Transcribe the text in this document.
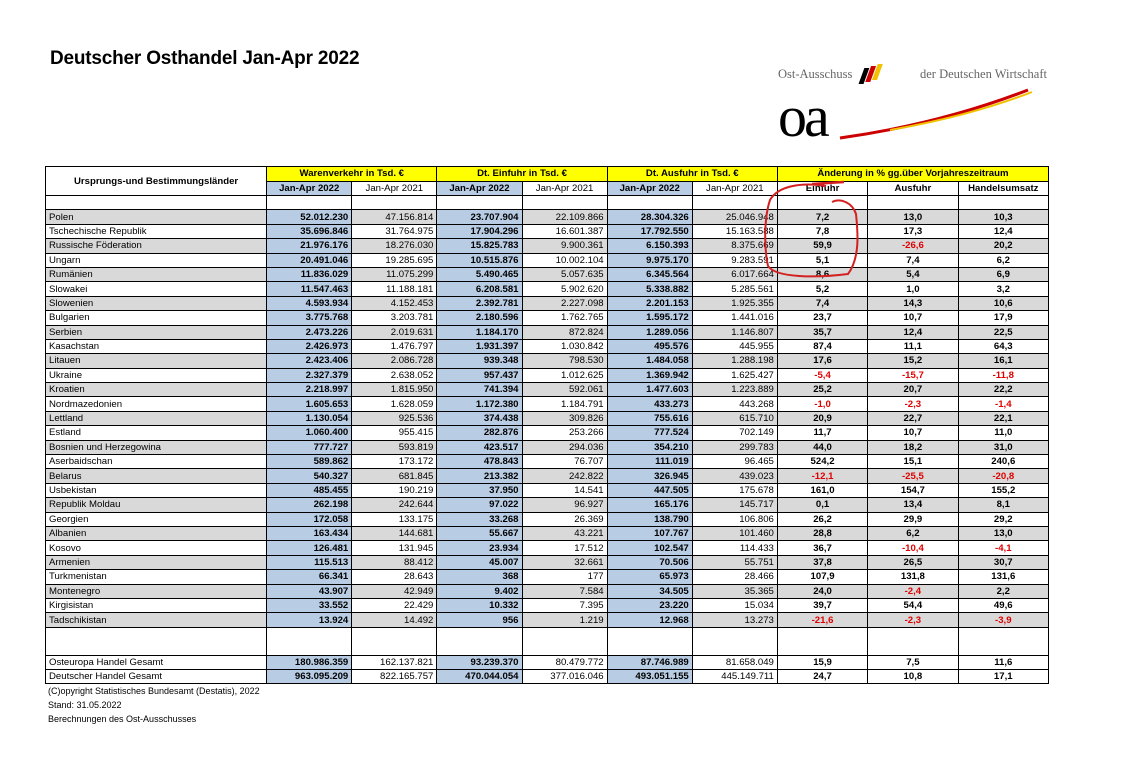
Deutscher Osthandel Jan-Apr 2022
oa
Ost-Ausschuss	der Deutschen Wirtschaft
Ursprungs-und Bestimmungsländer	Warenverkehr in Tsd. €		Dt. Einfuhr in Tsd. €		Dt. Ausfuhr in Tsd. €		Änderung in % gg.über Vorjahreszeitraum		
	Jan-Apr 2022	Jan-Apr 2021	Jan-Apr 2022	Jan-Apr 2021	Jan-Apr 2022	Jan-Apr 2021	Einfuhr	Ausfuhr	Handelsumsatz

Polen	52.012.230	47.156.814	23.707.904	22.109.866	28.304.326	25.046.948	7,2	13,0	10,3
Tschechische Republik	35.696.846	31.764.975	17.904.296	16.601.387	17.792.550	15.163.588	7,8	17,3	12,4
Russische Föderation	21.976.176	18.276.030	15.825.783	9.900.361	6.150.393	8.375.669	59,9	-26,6	20,2
Ungarn	20.491.046	19.285.695	10.515.876	10.002.104	9.975.170	9.283.591	5,1	7,4	6,2
Rumänien	11.836.029	11.075.299	5.490.465	5.057.635	6.345.564	6.017.664	8,6	5,4	6,9
Slowakei	11.547.463	11.188.181	6.208.581	5.902.620	5.338.882	5.285.561	5,2	1,0	3,2
Slowenien	4.593.934	4.152.453	2.392.781	2.227.098	2.201.153	1.925.355	7,4	14,3	10,6
Bulgarien	3.775.768	3.203.781	2.180.596	1.762.765	1.595.172	1.441.016	23,7	10,7	17,9
Serbien	2.473.226	2.019.631	1.184.170	872.824	1.289.056	1.146.807	35,7	12,4	22,5
Kasachstan	2.426.973	1.476.797	1.931.397	1.030.842	495.576	445.955	87,4	11,1	64,3
Litauen	2.423.406	2.086.728	939.348	798.530	1.484.058	1.288.198	17,6	15,2	16,1
Ukraine	2.327.379	2.638.052	957.437	1.012.625	1.369.942	1.625.427	-5,4	-15,7	-11,8
Kroatien	2.218.997	1.815.950	741.394	592.061	1.477.603	1.223.889	25,2	20,7	22,2
Nordmazedonien	1.605.653	1.628.059	1.172.380	1.184.791	433.273	443.268	-1,0	-2,3	-1,4
Lettland	1.130.054	925.536	374.438	309.826	755.616	615.710	20,9	22,7	22,1
Estland	1.060.400	955.415	282.876	253.266	777.524	702.149	11,7	10,7	11,0
Bosnien und Herzegowina	777.727	593.819	423.517	294.036	354.210	299.783	44,0	18,2	31,0
Aserbaidschan	589.862	173.172	478.843	76.707	111.019	96.465	524,2	15,1	240,6
Belarus	540.327	681.845	213.382	242.822	326.945	439.023	-12,1	-25,5	-20,8
Usbekistan	485.455	190.219	37.950	14.541	447.505	175.678	161,0	154,7	155,2
Republik Moldau	262.198	242.644	97.022	96.927	165.176	145.717	0,1	13,4	8,1
Georgien	172.058	133.175	33.268	26.369	138.790	106.806	26,2	29,9	29,2
Albanien	163.434	144.681	55.667	43.221	107.767	101.460	28,8	6,2	13,0
Kosovo	126.481	131.945	23.934	17.512	102.547	114.433	36,7	-10,4	-4,1
Armenien	115.513	88.412	45.007	32.661	70.506	55.751	37,8	26,5	30,7
Turkmenistan	66.341	28.643	368	177	65.973	28.466	107,9	131,8	131,6
Montenegro	43.907	42.949	9.402	7.584	34.505	35.365	24,0	-2,4	2,2
Kirgisistan	33.552	22.429	10.332	7.395	23.220	15.034	39,7	54,4	49,6
Tadschikistan	13.924	14.492	956	1.219	12.968	13.273	-21,6	-2,3	-3,9

Osteuropa Handel Gesamt	180.986.359	162.137.821	93.239.370	80.479.772	87.746.989	81.658.049	15,9	7,5	11,6
Deutscher Handel Gesamt	963.095.209	822.165.757	470.044.054	377.016.046	493.051.155	445.149.711	24,7	10,8	17,1
(C)opyright Statistisches Bundesamt (Destatis), 2022
Stand: 31.05.2022
Berechnungen des Ost-Ausschusses
